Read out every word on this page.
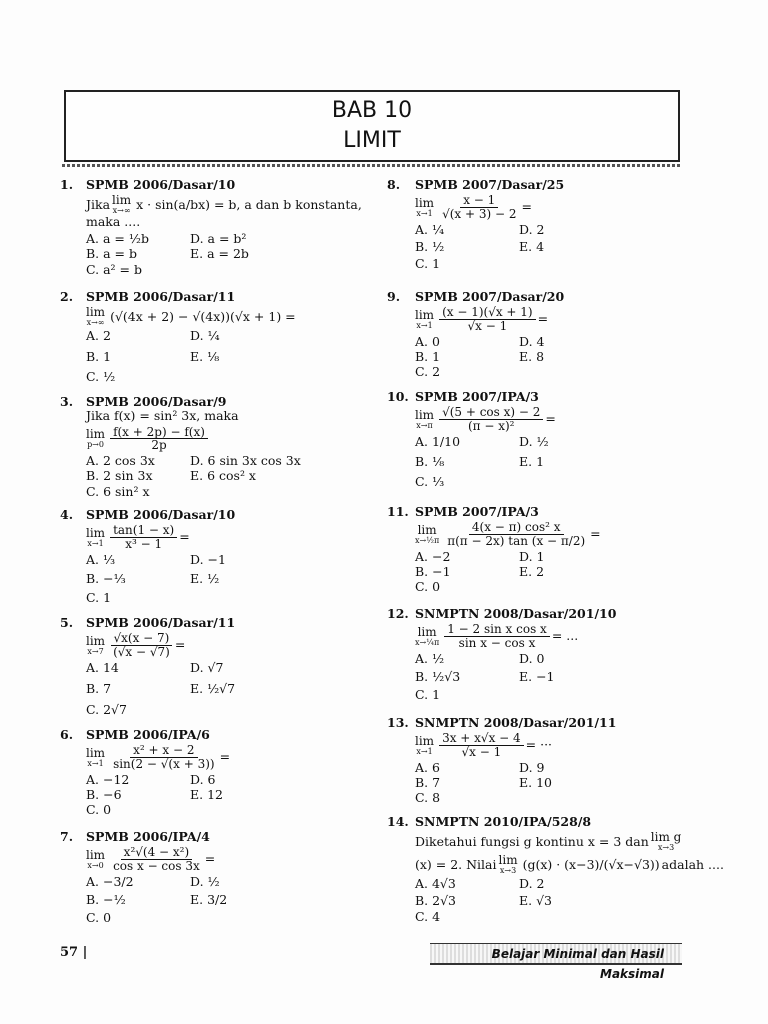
BAB 10
LIMIT
1. SPMB 2006/Dasar/10
Jika lim
x→∞ x · sin(a/bx) = b, a dan b konstanta,
maka ....
A. a = ½b	D. a = b²
B. a = b	E. a = 2b
C. a² = b
2. SPMB 2006/Dasar/11
lim
x→∞ (√(4x + 2) − √(4x))(√x + 1) =
A. 2	D. ¼
B. 1	E. ⅛
C. ½
3. SPMB 2006/Dasar/9
Jika f(x) = sin² 3x, maka
lim
$p\to 0 \frac{f(x + 2p) - f(x)}{2p}$
A. 2 cos 3x	D. 6 sin 3x cos 3x
B. 2 sin 3x	E. 6 cos² x
C. 6 sin² x
4. SPMB 2006/Dasar/10
lim
$x\to 1 \frac{\tan(1 - x)}{\text{x³ − 1}}$ =
A. ⅓	D. −1
B. −⅓	E. ½
C. 1
5. SPMB 2006/Dasar/11
lim
$x\to 7 \frac{√x(x - 7)}{(√x - √7)}$ =
A. 14	D. √7
B. 7	E. ½√7
C. 2√7
6. SPMB 2006/IPA/6
lim
$x\to 1 \frac{\text{x² + x − 2}}{\sin(2 - √(x + 3))}$ =
A. −12	D. 6
B. −6	E. 12
C. 0
7. SPMB 2006/IPA/4
lim
$x\to 0 \frac{\text{x²√(4 − x²)}}{\text{cos x − cos 3x}}$ =
A. −3/2	D. ½
B. −½	E. 3/2
C. 0
8. SPMB 2007/Dasar/25
lim
$x\to 1 \frac{x - 1}{√(x + 3) - 2}$ =
A. ¼	D. 2
B. ½	E. 4
C. 1
9. SPMB 2007/Dasar/20
lim
$x\to 1 \frac{(x - 1)(√x + 1)}{√x - 1}$ =
A. 0	D. 4
B. 1	E. 8
C. 2
10. SPMB 2007/IPA/3
lim
$x\to\pi \frac{\text{√(5 + cos x) − 2}}{\text{(π − x)²}}$ =
A. 1/10	D. ½
B. ⅛	E. 1
C. ⅓
11. SPMB 2007/IPA/3
lim
x→½π $\frac{\text{4(x − π) cos² x}}{\pi(\pi - 2x) \tan (x - \pi/2)}$ =
A. −2	D. 1
B. −1	E. 2
C. 0
12. SNMPTN 2008/Dasar/201/10
lim
x→¼π $\frac{\text{1 − 2 sin x cos x}}{\text{sin x − cos x}}$ = ...
A. ½	D. 0
B. ½√3	E. −1
C. 1
13. SNMPTN 2008/Dasar/201/11
lim
$x\to 1 \frac{3x + x√x - 4}{√x - 1}$ = ···
A. 6	D. 9
B. 7	E. 10
C. 8
14. SNMPTN 2010/IPA/528/8
Diketahui fungsi g kontinu x = 3 dan lim g
x→3
(x) = 2. Nilai lim
x→3 (g(x) · (x−3)/(√x−√3)) adalah ....
A. 4√3	D. 2
B. 2√3	E. √3
C. 4
57 |	Belajar Minimal dan Hasil Maksimal
